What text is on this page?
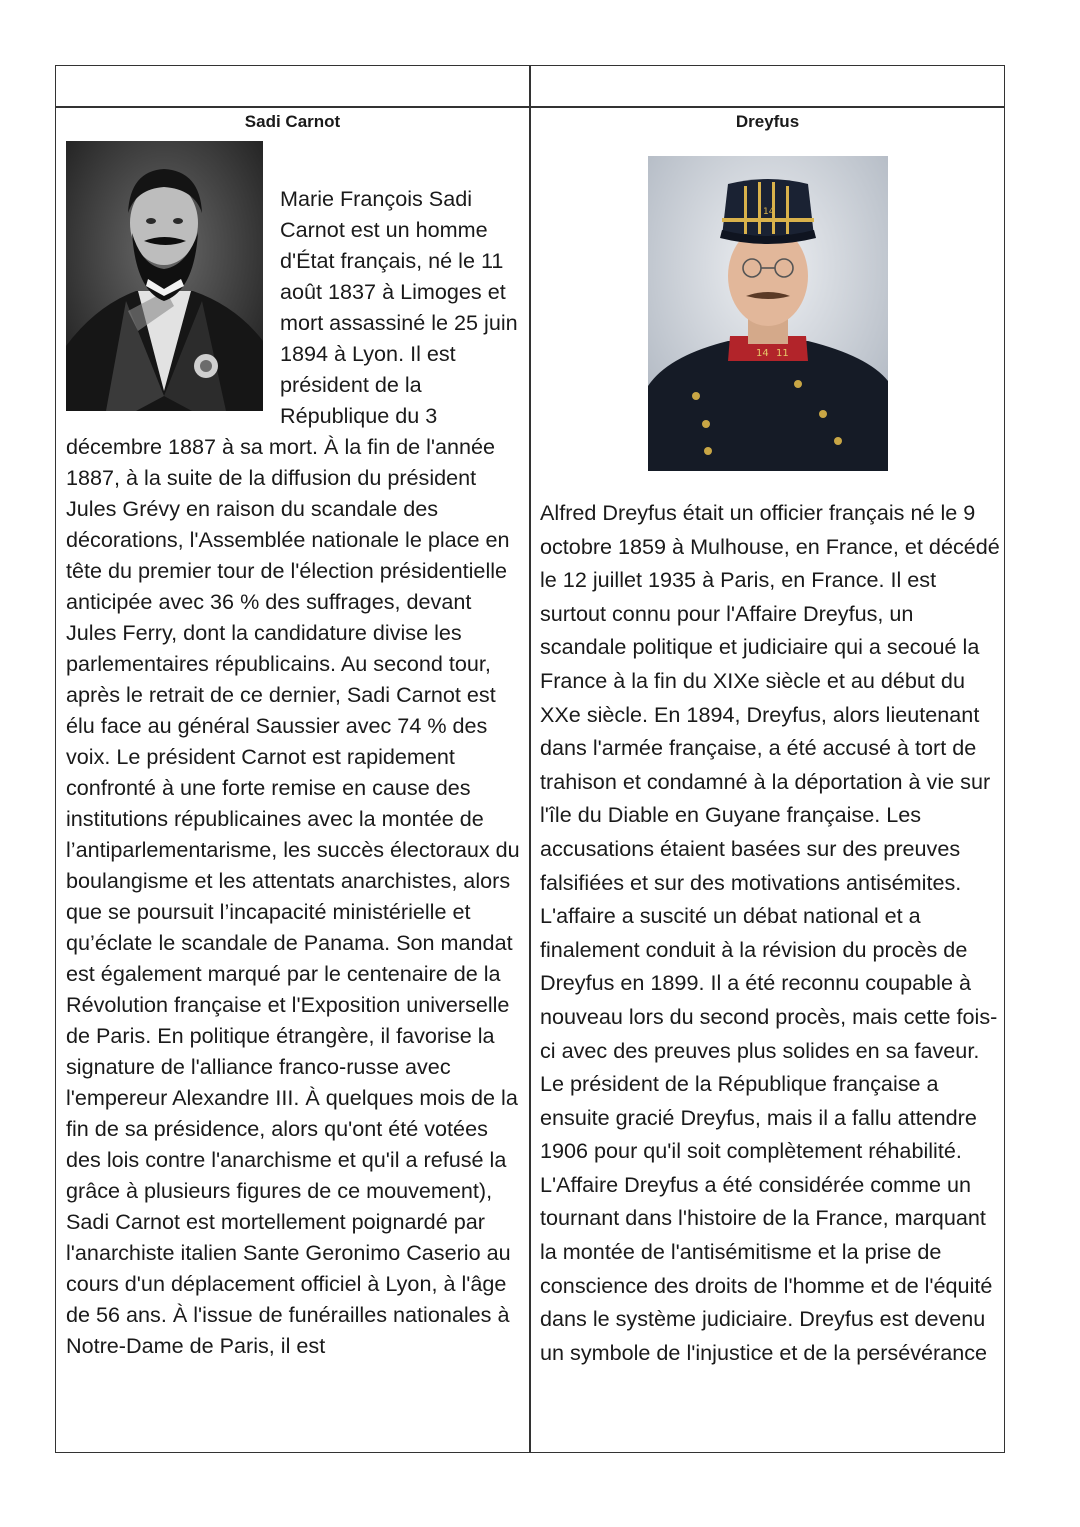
Sadi Carnot	Dreyfus

Marie François Sadi Carnot est un homme d'État français, né le 11 août 1837 à Limoges et mort assassiné le 25 juin 1894 à Lyon. Il est président de la République du 3

décembre 1887 à sa mort. À la fin de l'année 1887, à la suite de la diffusion du président Jules Grévy en raison du scandale des décorations, l'Assemblée nationale le place en tête du premier tour de l'élection présidentielle anticipée avec 36 % des suffrages, devant Jules Ferry, dont la candidature divise les parlementaires républicains. Au second tour, après le retrait de ce dernier, Sadi Carnot est élu face au général Saussier avec 74 % des voix. Le président Carnot est rapidement confronté à une forte remise en cause des institutions républicaines avec la montée de l’antiparlementarisme, les succès électoraux du boulangisme et les attentats anarchistes, alors que se poursuit l’incapacité ministérielle et qu’éclate le scandale de Panama. Son mandat est également marqué par le centenaire de la Révolution française et l'Exposition universelle de Paris. En politique étrangère, il favorise la signature de l'alliance franco-russe avec l'empereur Alexandre III. À quelques mois de la fin de sa présidence, alors qu'ont été votées des lois contre l'anarchisme et qu'il a refusé la grâce à plusieurs figures de ce mouvement), Sadi Carnot est mortellement poignardé par l'anarchiste italien Sante Geronimo Caserio au cours d'un déplacement officiel à Lyon, à l'âge de 56 ans. À l'issue de funérailles nationales à Notre-Dame de Paris, il est

14 11
14

Alfred Dreyfus était un officier français né le 9 octobre 1859 à Mulhouse, en France, et décédé le 12 juillet 1935 à Paris, en France. Il est surtout connu pour l'Affaire Dreyfus, un scandale politique et judiciaire qui a secoué la France à la fin du XIXe siècle et au début du XXe siècle. En 1894, Dreyfus, alors lieutenant dans l'armée française, a été accusé à tort de trahison et condamné à la déportation à vie sur l'île du Diable en Guyane française. Les accusations étaient basées sur des preuves falsifiées et sur des motivations antisémites. L'affaire a suscité un débat national et a finalement conduit à la révision du procès de Dreyfus en 1899. Il a été reconnu coupable à nouveau lors du second procès, mais cette fois-ci avec des preuves plus solides en sa faveur. Le président de la République française a ensuite gracié Dreyfus, mais il a fallu attendre 1906 pour qu'il soit complètement réhabilité. L'Affaire Dreyfus a été considérée comme un tournant dans l'histoire de la France, marquant la montée de l'antisémitisme et la prise de conscience des droits de l'homme et de l'équité dans le système judiciaire. Dreyfus est devenu un symbole de l'injustice et de la persévérance
